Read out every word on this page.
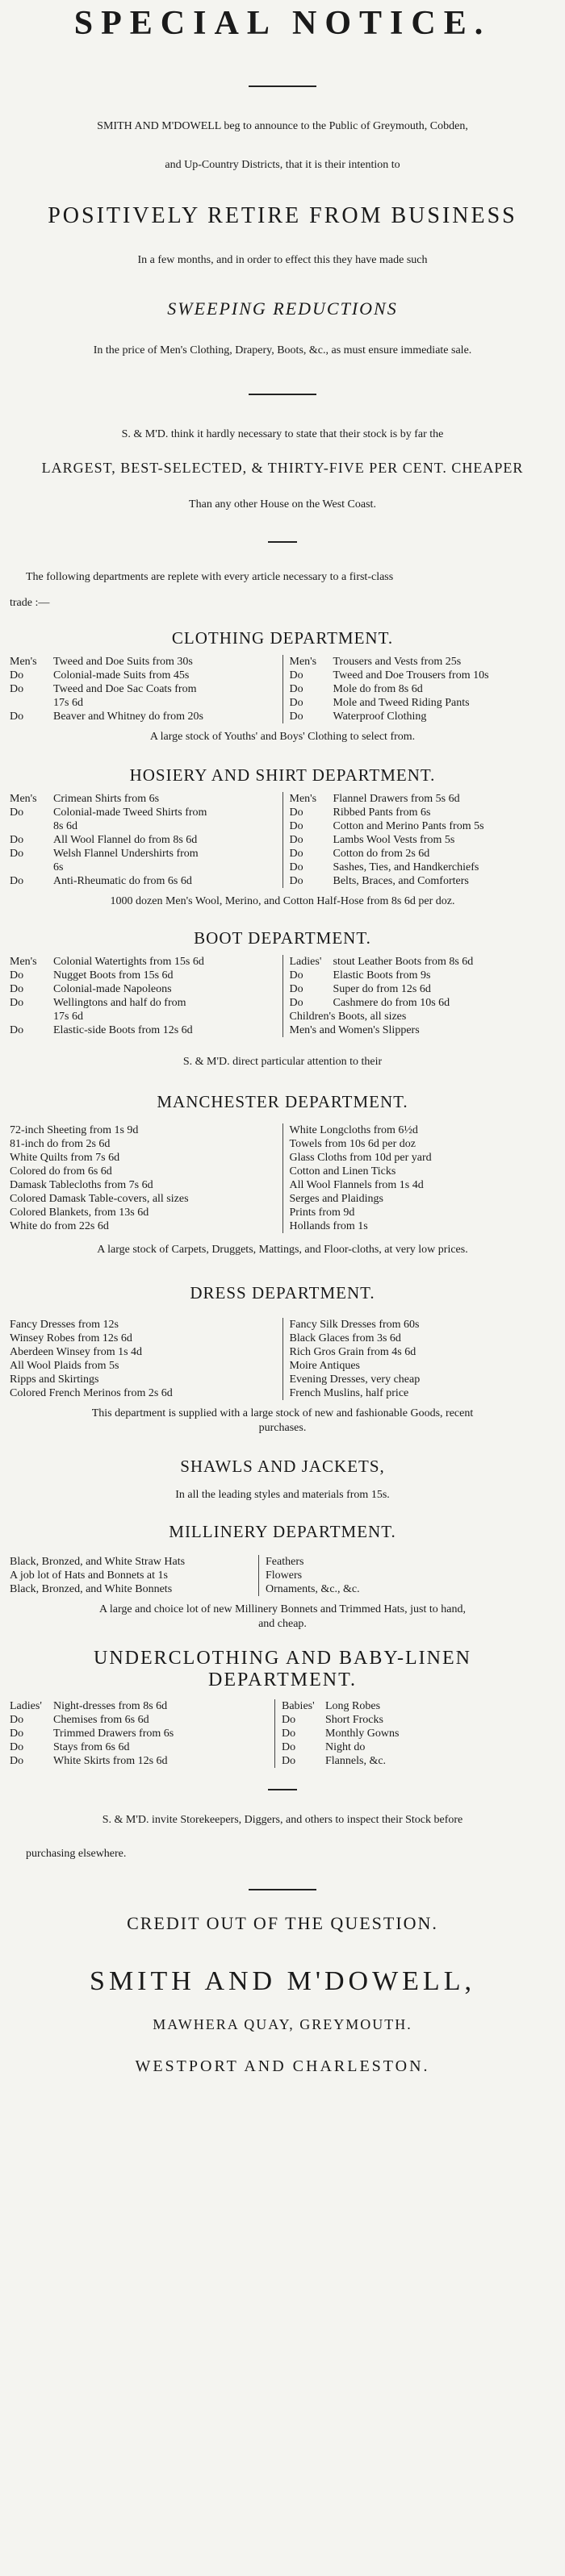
SPECIAL NOTICE.
SMITH AND M'DOWELL beg to announce to the Public of Greymouth, Cobden,
and Up-Country Districts, that it is their intention to
POSITIVELY RETIRE FROM BUSINESS
In a few months, and in order to effect this they have made such
SWEEPING REDUCTIONS
In the price of Men's Clothing, Drapery, Boots, &c., as must ensure immediate sale.
S. & M'D. think it hardly necessary to state that their stock is by far the
LARGEST, BEST-SELECTED, & THIRTY-FIVE PER CENT. CHEAPER
Than any other House on the West Coast.
The following departments are replete with every article necessary to a first-class
trade :—
CLOTHING DEPARTMENT.
Men's	Tweed and Doe Suits from 30s
Do	Colonial-made Suits from 45s
Do	Tweed and Doe Sac Coats from
17s 6d
Do	Beaver and Whitney do from 20s
Men's	Trousers and Vests from 25s
Do	Tweed and Doe Trousers from 10s
Do	Mole do from 8s 6d
Do	Mole and Tweed Riding Pants
Do	Waterproof Clothing
A large stock of Youths' and Boys' Clothing to select from.
HOSIERY AND SHIRT DEPARTMENT.
Men's	Crimean Shirts from 6s
Do	Colonial-made Tweed Shirts from
8s 6d
Do	All Wool Flannel do from 8s 6d
Do	Welsh Flannel Undershirts from
6s
Do	Anti-Rheumatic do from 6s 6d
Men's	Flannel Drawers from 5s 6d
Do	Ribbed Pants from 6s
Do	Cotton and Merino Pants from 5s
Do	Lambs Wool Vests from 5s
Do	Cotton do from 2s 6d
Do	Sashes, Ties, and Handkerchiefs
Do	Belts, Braces, and Comforters
1000 dozen Men's Wool, Merino, and Cotton Half-Hose from 8s 6d per doz.
BOOT DEPARTMENT.
Men's	Colonial Watertights from 15s 6d
Do	Nugget Boots from 15s 6d
Do	Colonial-made Napoleons
Do	Wellingtons and half do from
17s 6d
Do	Elastic-side Boots from 12s 6d
Ladies'	stout Leather Boots from 8s 6d
Do	Elastic Boots from 9s
Do	Super do from 12s 6d
Do	Cashmere do from 10s 6d
Children's Boots, all sizes
Men's and Women's Slippers
S. & M'D. direct particular attention to their
MANCHESTER DEPARTMENT.
72-inch Sheeting from 1s 9d
81-inch do from 2s 6d
White Quilts from 7s 6d
Colored do from 6s 6d
Damask Tablecloths from 7s 6d
Colored Damask Table-covers, all sizes
Colored Blankets, from 13s 6d
White do from 22s 6d
White Longcloths from 6½d
Towels from 10s 6d per doz
Glass Cloths from 10d per yard
Cotton and Linen Ticks
All Wool Flannels from 1s 4d
Serges and Plaidings
Prints from 9d
Hollands from 1s
A large stock of Carpets, Druggets, Mattings, and Floor-cloths, at very low prices.
DRESS DEPARTMENT.
Fancy Dresses from 12s
Winsey Robes from 12s 6d
Aberdeen Winsey from 1s 4d
All Wool Plaids from 5s
Ripps and Skirtings
Colored French Merinos from 2s 6d
Fancy Silk Dresses from 60s
Black Glaces from 3s 6d
Rich Gros Grain from 4s 6d
Moire Antiques
Evening Dresses, very cheap
French Muslins, half price
This department is supplied with a large stock of new and fashionable Goods, recent
purchases.
SHAWLS AND JACKETS,
In all the leading styles and materials from 15s.
MILLINERY DEPARTMENT.
Black, Bronzed, and White Straw Hats
A job lot of Hats and Bonnets at 1s
Black, Bronzed, and White Bonnets
Feathers
Flowers
Ornaments, &c., &c.
A large and choice lot of new Millinery Bonnets and Trimmed Hats, just to hand,
and cheap.
UNDERCLOTHING AND BABY-LINEN
DEPARTMENT.
Ladies'	Night-dresses from 8s 6d
Do	Chemises from 6s 6d
Do	Trimmed Drawers from 6s
Do	Stays from 6s 6d
Do	White Skirts from 12s 6d
Babies' Long Robes
Do	Short Frocks
Do	Monthly Gowns
Do	Night do
Do	Flannels, &c.
S. & M'D. invite Storekeepers, Diggers, and others to inspect their Stock before
purchasing elsewhere.
CREDIT OUT OF THE QUESTION.
SMITH AND M'DOWELL,
MAWHERA QUAY, GREYMOUTH.
WESTPORT AND CHARLESTON.
